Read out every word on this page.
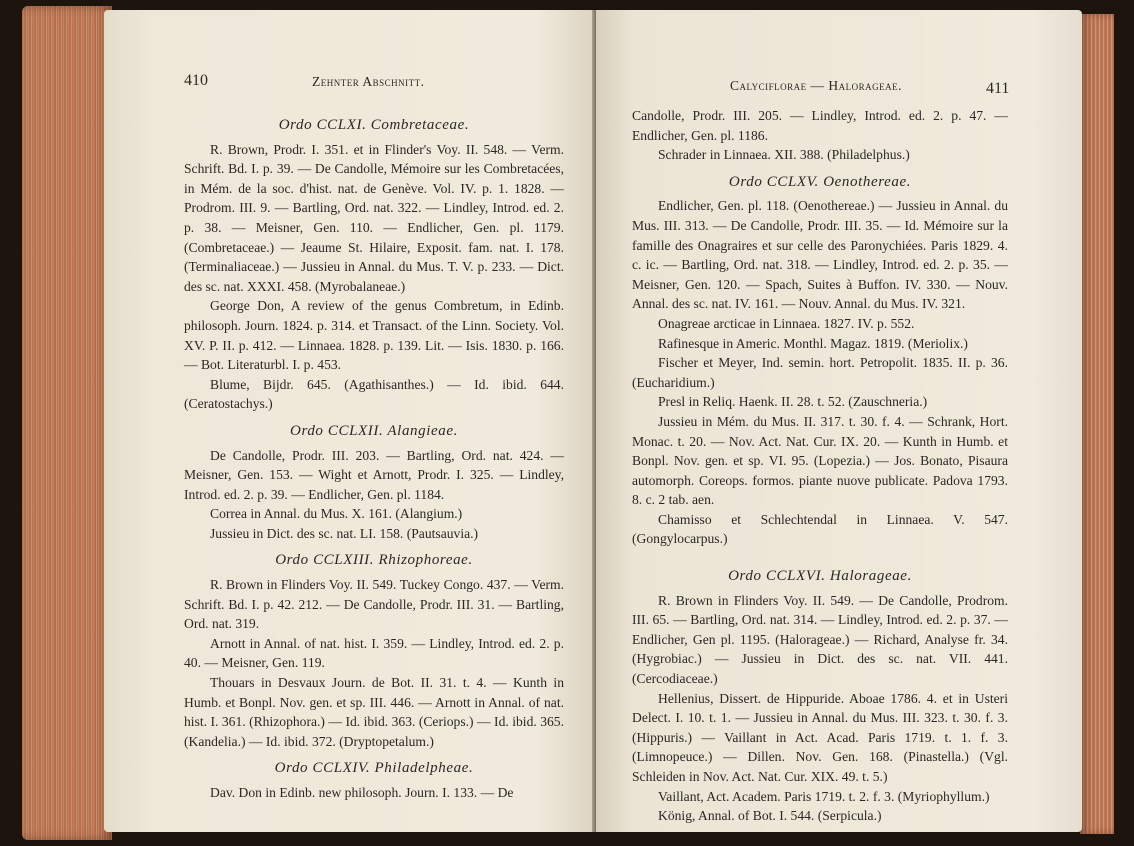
410	Zehnter Abschnitt.
Ordo CCLXI. Combretaceae.

R. Brown, Prodr. I. 351. et in Flinder's Voy. II. 548. — Verm. Schrift. Bd. I. p. 39. — De Candolle, Mémoire sur les Combretacées, in Mém. de la soc. d'hist. nat. de Genève. Vol. IV. p. 1. 1828. — Prodrom. III. 9. — Bartling, Ord. nat. 322. — Lindley, Introd. ed. 2. p. 38. — Meisner, Gen. 110. — Endlicher, Gen. pl. 1179. (Combretaceae.) — Jeaume St. Hilaire, Exposit. fam. nat. I. 178. (Terminaliaceae.) — Jussieu in Annal. du Mus. T. V. p. 233. — Dict. des sc. nat. XXXI. 458. (Myrobalaneae.)

George Don, A review of the genus Combretum, in Edinb. philosoph. Journ. 1824. p. 314. et Transact. of the Linn. Society. Vol. XV. P. II. p. 412. — Linnaea. 1828. p. 139. Lit. — Isis. 1830. p. 166. — Bot. Literaturbl. I. p. 453.

Blume, Bijdr. 645. (Agathisanthes.) — Id. ibid. 644. (Ceratostachys.)

Ordo CCLXII. Alangieae.

De Candolle, Prodr. III. 203. — Bartling, Ord. nat. 424. — Meisner, Gen. 153. — Wight et Arnott, Prodr. I. 325. — Lindley, Introd. ed. 2. p. 39. — Endlicher, Gen. pl. 1184.

Correa in Annal. du Mus. X. 161. (Alangium.)

Jussieu in Dict. des sc. nat. LI. 158. (Pautsauvia.)

Ordo CCLXIII. Rhizophoreae.

R. Brown in Flinders Voy. II. 549. Tuckey Congo. 437. — Verm. Schrift. Bd. I. p. 42. 212. — De Candolle, Prodr. III. 31. — Bartling, Ord. nat. 319.

Arnott in Annal. of nat. hist. I. 359. — Lindley, Introd. ed. 2. p. 40. — Meisner, Gen. 119.

Thouars in Desvaux Journ. de Bot. II. 31. t. 4. — Kunth in Humb. et Bonpl. Nov. gen. et sp. III. 446. — Arnott in Annal. of nat. hist. I. 361. (Rhizophora.) — Id. ibid. 363. (Ceriops.) — Id. ibid. 365. (Kandelia.) — Id. ibid. 372. (Dryptopetalum.)

Ordo CCLXIV. Philadelpheae.

Dav. Don in Edinb. new philosoph. Journ. I. 133. — De

Calyciflorae — Halorageae.	411

Candolle, Prodr. III. 205. — Lindley, Introd. ed. 2. p. 47. — Endlicher, Gen. pl. 1186.

Schrader in Linnaea. XII. 388. (Philadelphus.)

Ordo CCLXV. Oenothereae.

Endlicher, Gen. pl. 118. (Oenothereae.) — Jussieu in Annal. du Mus. III. 313. — De Candolle, Prodr. III. 35. — Id. Mémoire sur la famille des Onagraires et sur celle des Paronychiées. Paris 1829. 4. c. ic. — Bartling, Ord. nat. 318. — Lindley, Introd. ed. 2. p. 35. — Meisner, Gen. 120. — Spach, Suites à Buffon. IV. 330. — Nouv. Annal. des sc. nat. IV. 161. — Nouv. Annal. du Mus. IV. 321.

Onagreae arcticae in Linnaea. 1827. IV. p. 552.

Rafinesque in Americ. Monthl. Magaz. 1819. (Meriolix.)

Fischer et Meyer, Ind. semin. hort. Petropolit. 1835. II. p. 36. (Eucharidium.)

Presl in Reliq. Haenk. II. 28. t. 52. (Zauschneria.)

Jussieu in Mém. du Mus. II. 317. t. 30. f. 4. — Schrank, Hort. Monac. t. 20. — Nov. Act. Nat. Cur. IX. 20. — Kunth in Humb. et Bonpl. Nov. gen. et sp. VI. 95. (Lopezia.) — Jos. Bonato, Pisaura automorph. Coreops. formos. piante nuove publicate. Padova 1793. 8. c. 2 tab. aen.

Chamisso et Schlechtendal in Linnaea. V. 547. (Gongylocarpus.)

Ordo CCLXVI. Halorageae.

R. Brown in Flinders Voy. II. 549. — De Candolle, Prodrom. III. 65. — Bartling, Ord. nat. 314. — Lindley, Introd. ed. 2. p. 37. — Endlicher, Gen pl. 1195. (Halorageae.) — Richard, Analyse fr. 34. (Hygrobiac.) — Jussieu in Dict. des sc. nat. VII. 441. (Cercodiaceae.)

Hellenius, Dissert. de Hippuride. Aboae 1786. 4. et in Usteri Delect. I. 10. t. 1. — Jussieu in Annal. du Mus. III. 323. t. 30. f. 3. (Hippuris.) — Vaillant in Act. Acad. Paris 1719. t. 1. f. 3. (Limnopeuce.) — Dillen. Nov. Gen. 168. (Pinastella.) (Vgl. Schleiden in Nov. Act. Nat. Cur. XIX. 49. t. 5.)

Vaillant, Act. Academ. Paris 1719. t. 2. f. 3. (Myriophyllum.)

König, Annal. of Bot. I. 544. (Serpicula.)
